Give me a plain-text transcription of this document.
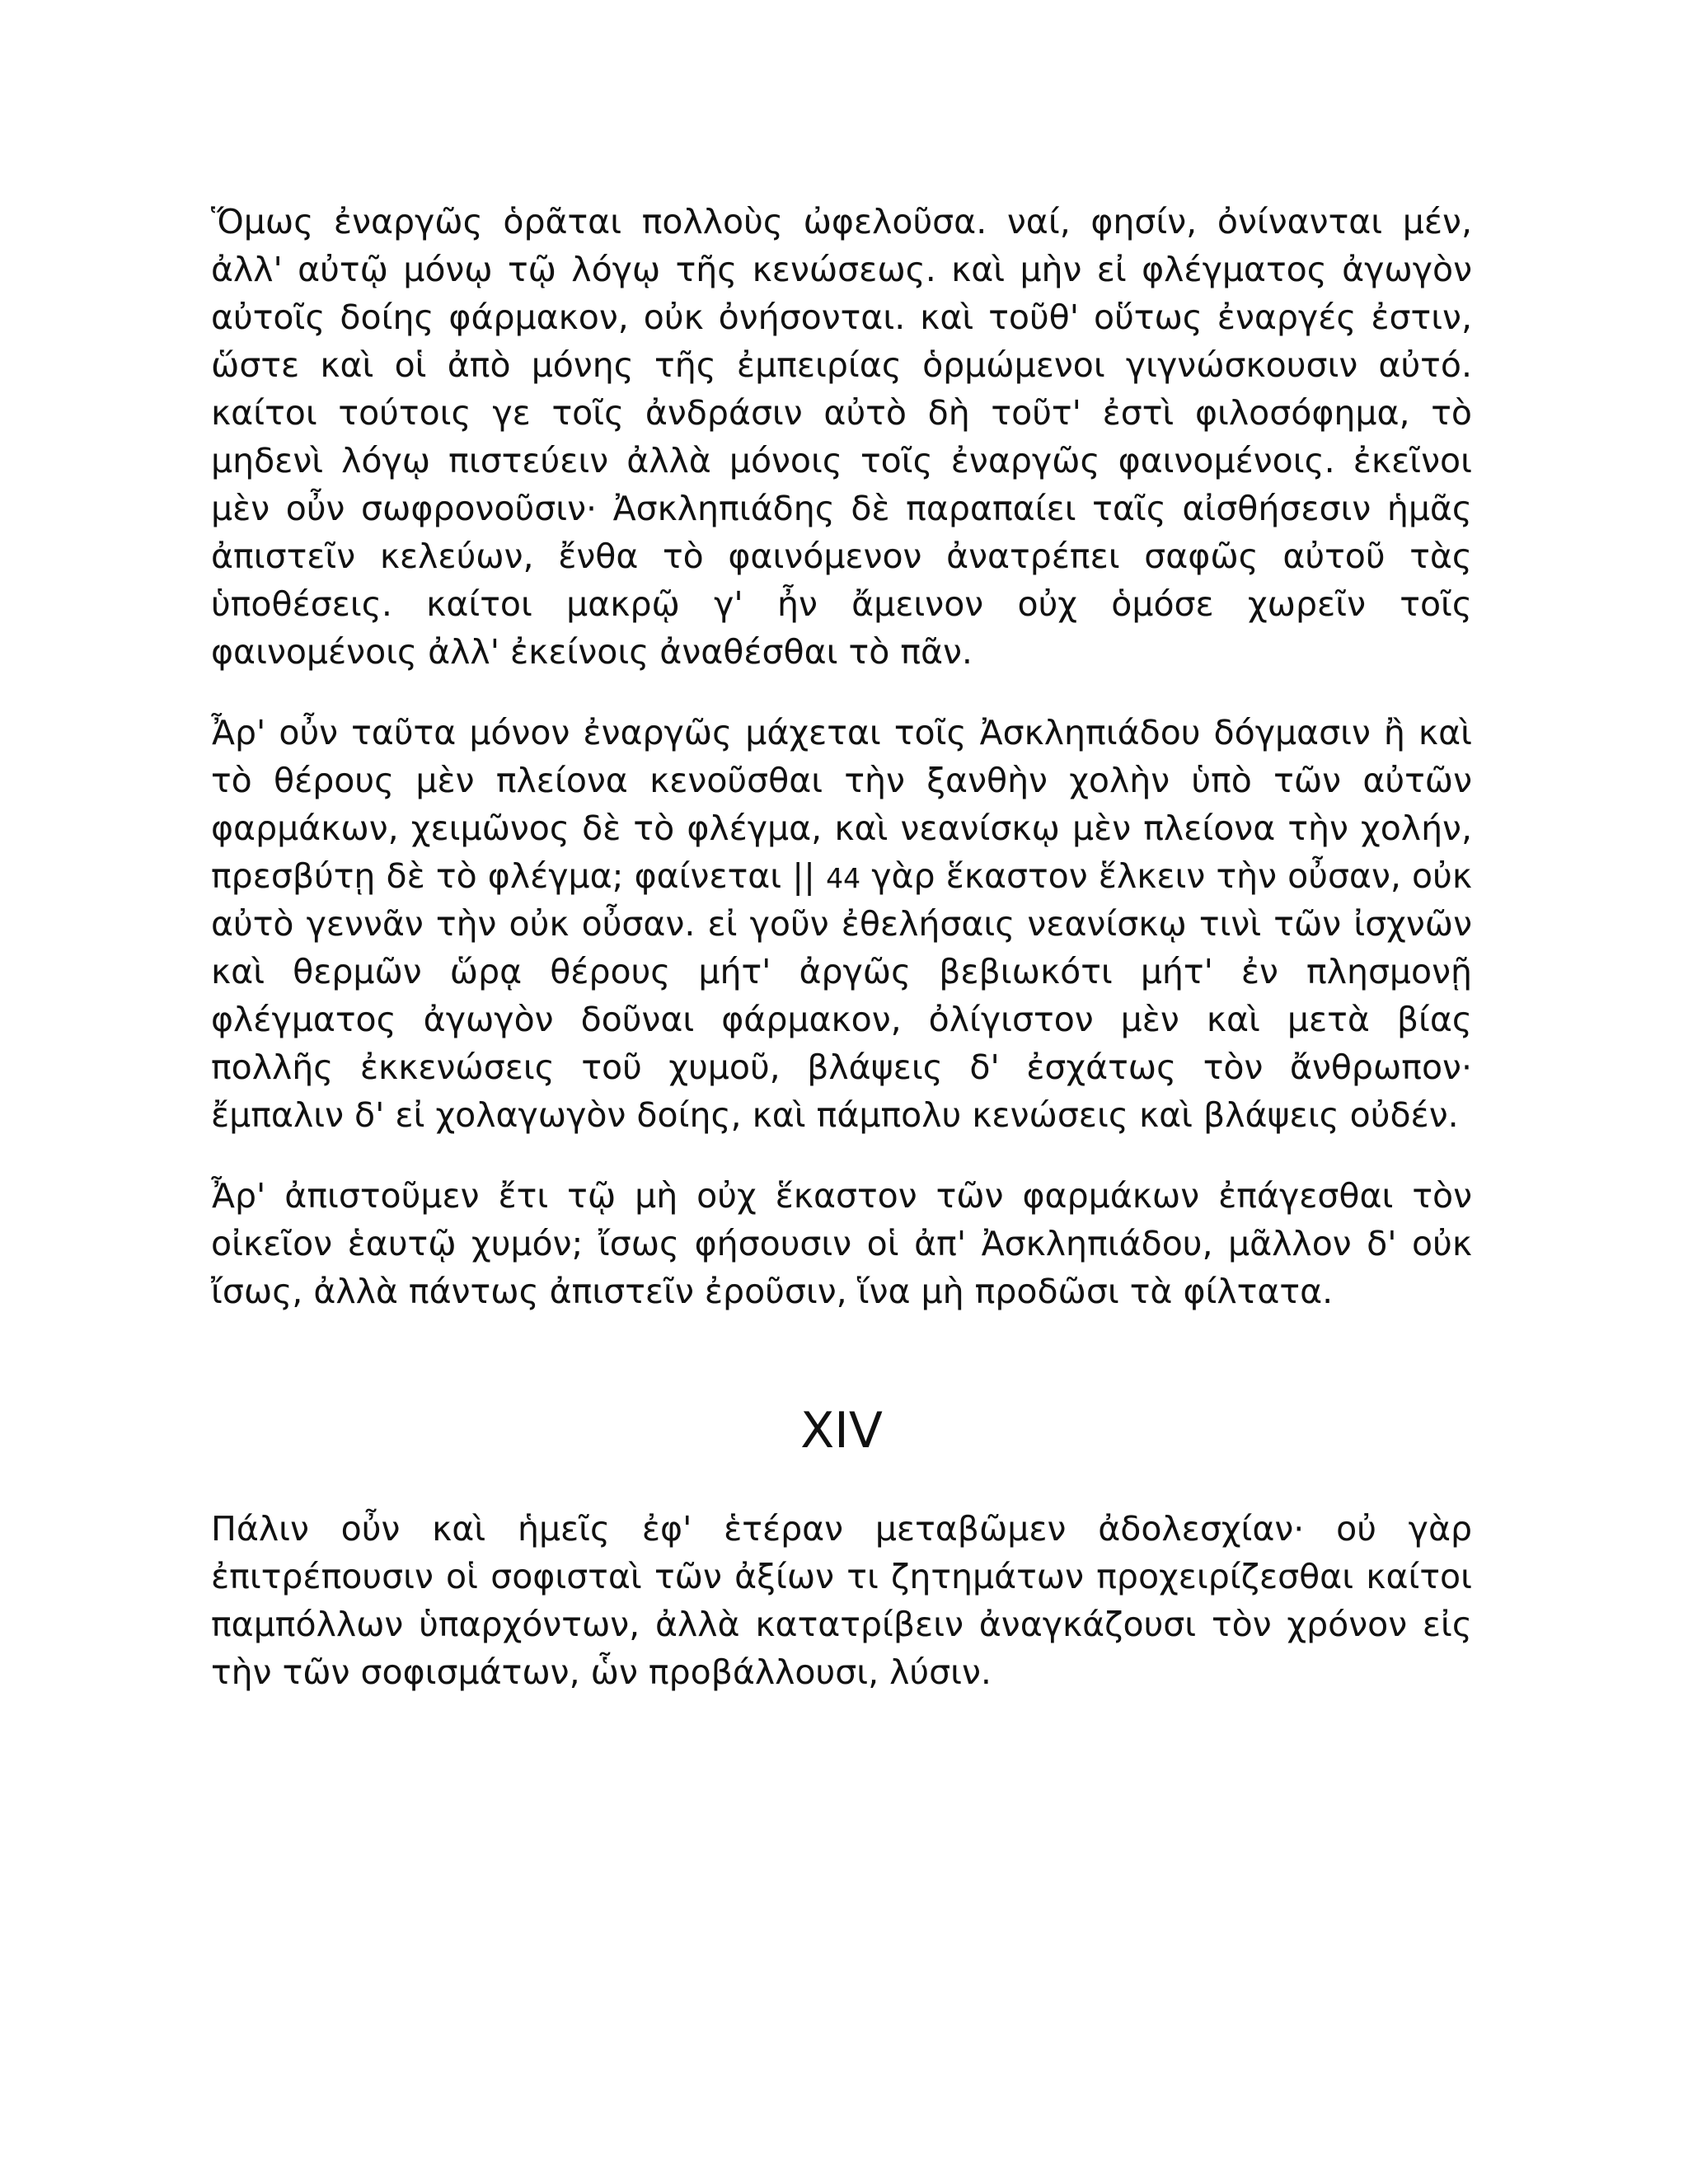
Ὅμως ἐναργῶς ὁρᾶται πολλοὺς ὠφελοῦσα. ναί, φησίν, ὀνίνανται μέν, ἀλλ' αὐτῷ μόνῳ τῷ λόγῳ τῆς κενώσεως. καὶ μὴν εἰ φλέγματος ἀγωγὸν αὐτοῖς δοίης φάρμακον, οὐκ ὀνήσονται. καὶ τοῦθ' οὕτως ἐναργές ἐστιν, ὥστε καὶ οἱ ἀπὸ μόνης τῆς ἐμπειρίας ὁρμώμενοι γιγνώσκουσιν αὐτό. καίτοι τούτοις γε τοῖς ἀνδράσιν αὐτὸ δὴ τοῦτ' ἐστὶ φιλοσόφημα, τὸ μηδενὶ λόγῳ πιστεύειν ἀλλὰ μόνοις τοῖς ἐναργῶς φαινομένοις. ἐκεῖνοι μὲν οὖν σωφρονοῦσιν· Ἀσκληπιάδης δὲ παραπαίει ταῖς αἰσθήσεσιν ἡμᾶς ἀπιστεῖν κελεύων, ἔνθα τὸ φαινόμενον ἀνατρέπει σαφῶς αὐτοῦ τὰς ὑποθέσεις. καίτοι μακρῷ γ' ἦν ἄμεινον οὐχ ὁμόσε χωρεῖν τοῖς φαινομένοις ἀλλ' ἐκείνοις ἀναθέσθαι τὸ πᾶν.

Ἆρ' οὖν ταῦτα μόνον ἐναργῶς μάχεται τοῖς Ἀσκληπιάδου δόγμασιν ἢ καὶ τὸ θέρους μὲν πλείονα κενοῦσθαι τὴν ξανθὴν χολὴν ὑπὸ τῶν αὐτῶν φαρμάκων, χειμῶνος δὲ τὸ φλέγμα, καὶ νεανίσκῳ μὲν πλείονα τὴν χολήν, πρεσβύτῃ δὲ τὸ φλέγμα; φαίνεται || 44 γὰρ ἕκαστον ἕλκειν τὴν οὖσαν, οὐκ αὐτὸ γεννᾶν τὴν οὐκ οὖσαν. εἰ γοῦν ἐθελήσαις νεανίσκῳ τινὶ τῶν ἰσχνῶν καὶ θερμῶν ὥρᾳ θέρους μήτ' ἀργῶς βεβιωκότι μήτ' ἐν πλησμονῇ φλέγματος ἀγωγὸν δοῦναι φάρμακον, ὀλίγιστον μὲν καὶ μετὰ βίας πολλῆς ἐκκενώσεις τοῦ χυμοῦ, βλάψεις δ' ἐσχάτως τὸν ἄνθρωπον· ἔμπαλιν δ' εἰ χολαγωγὸν δοίης, καὶ πάμπολυ κενώσεις καὶ βλάψεις οὐδέν.

Ἆρ' ἀπιστοῦμεν ἔτι τῷ μὴ οὐχ ἕκαστον τῶν φαρμάκων ἐπάγεσθαι τὸν οἰκεῖον ἑαυτῷ χυμόν; ἴσως φήσουσιν οἱ ἀπ' Ἀσκληπιάδου, μᾶλλον δ' οὐκ ἴσως, ἀλλὰ πάντως ἀπιστεῖν ἐροῦσιν, ἵνα μὴ προδῶσι τὰ φίλτατα.

XIV

Πάλιν οὖν καὶ ἡμεῖς ἐφ' ἑτέραν μεταβῶμεν ἀδολεσχίαν· οὐ γὰρ ἐπιτρέπουσιν οἱ σοφισταὶ τῶν ἀξίων τι ζητημάτων προχειρίζεσθαι καίτοι παμπόλλων ὑπαρχόντων, ἀλλὰ κατατρίβειν ἀναγκάζουσι τὸν χρόνον εἰς τὴν τῶν σοφισμάτων, ὧν προβάλλουσι, λύσιν.
